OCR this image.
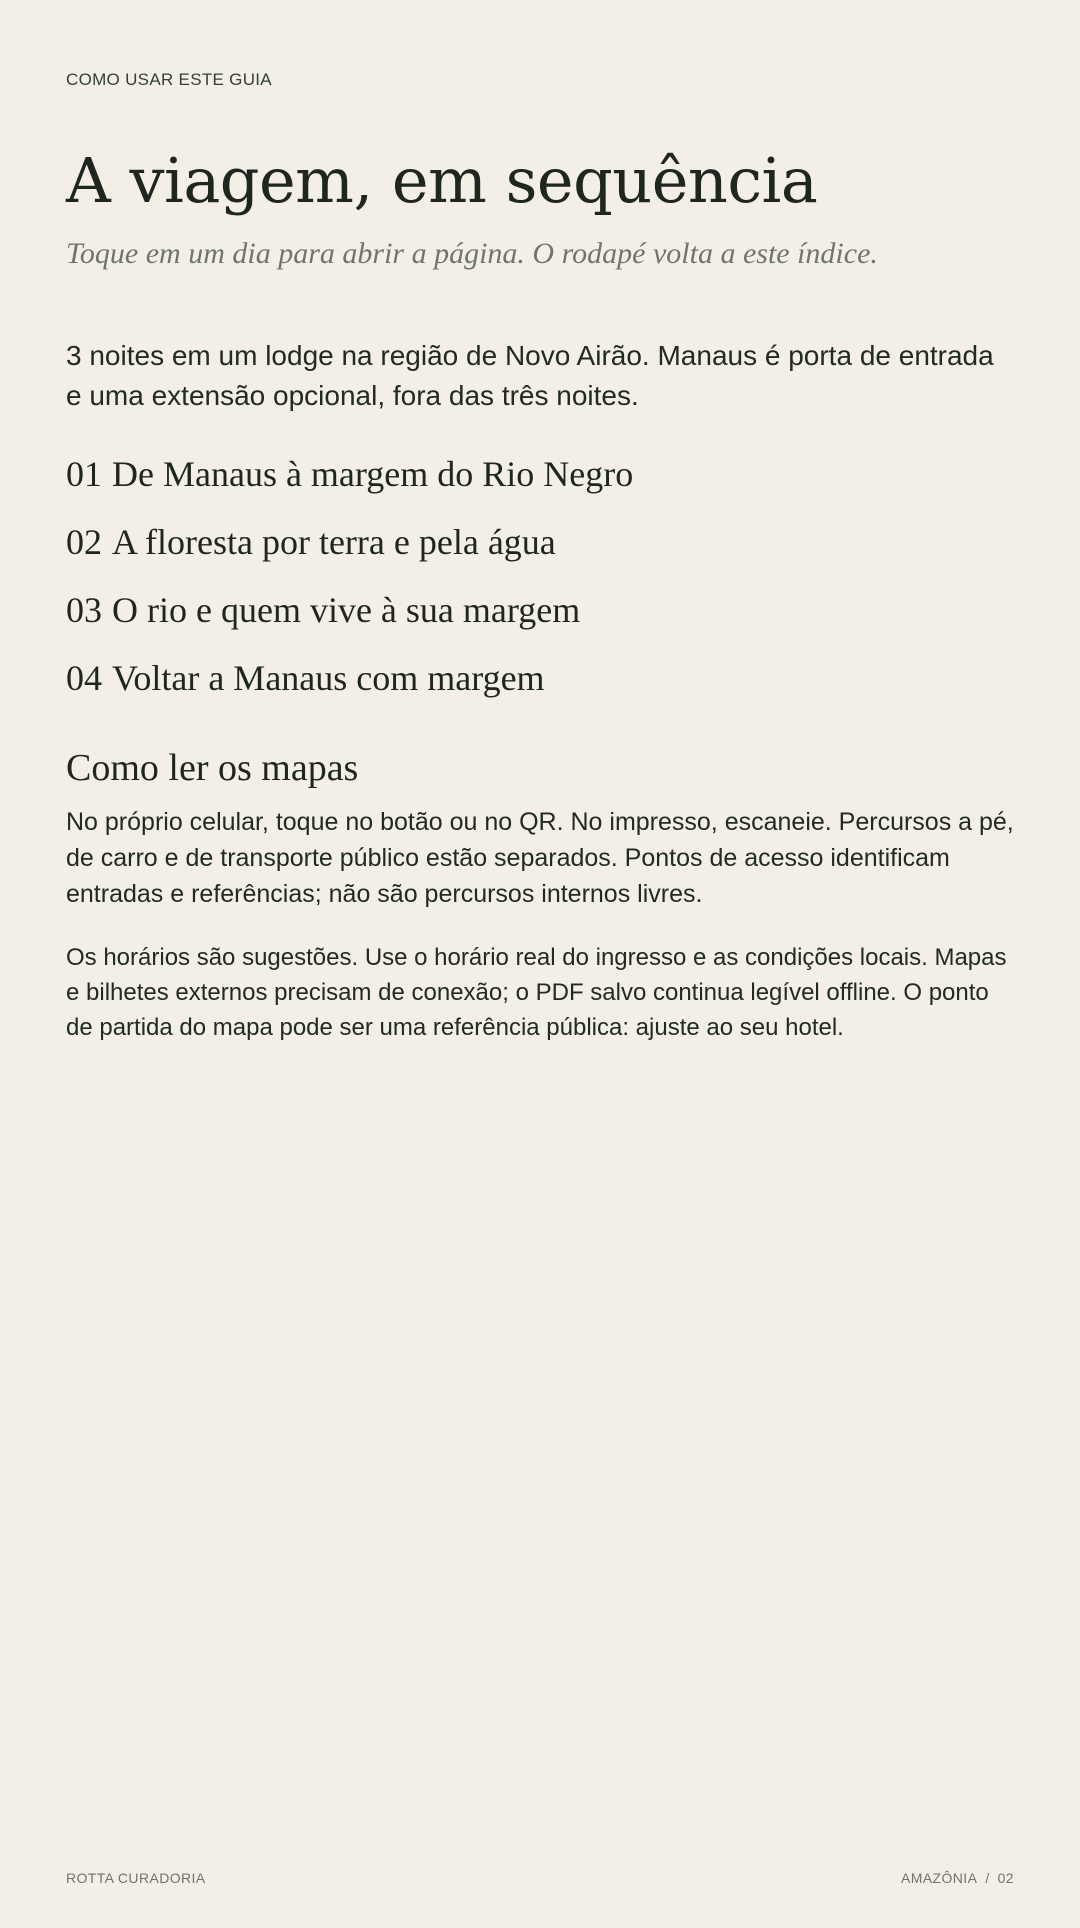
COMO USAR ESTE GUIA
A viagem, em sequência

Toque em um dia para abrir a página. O rodapé volta a este índice.

3 noites em um lodge na região de Novo Airão. Manaus é porta de entrada e uma extensão opcional, fora das três noites.

01 De Manaus à margem do Rio Negro
02 A floresta por terra e pela água
03 O rio e quem vive à sua margem
04 Voltar a Manaus com margem
Como ler os mapas

No próprio celular, toque no botão ou no QR. No impresso, escaneie. Percursos a pé, de carro e de transporte público estão separados. Pontos de acesso identificam entradas e referências; não são percursos internos livres.

Os horários são sugestões. Use o horário real do ingresso e as condições locais. Mapas e bilhetes externos precisam de conexão; o PDF salvo continua legível offline. O ponto de partida do mapa pode ser uma referência pública: ajuste ao seu hotel.

ROTTA CURADORIA	AMAZÔNIA / 02
